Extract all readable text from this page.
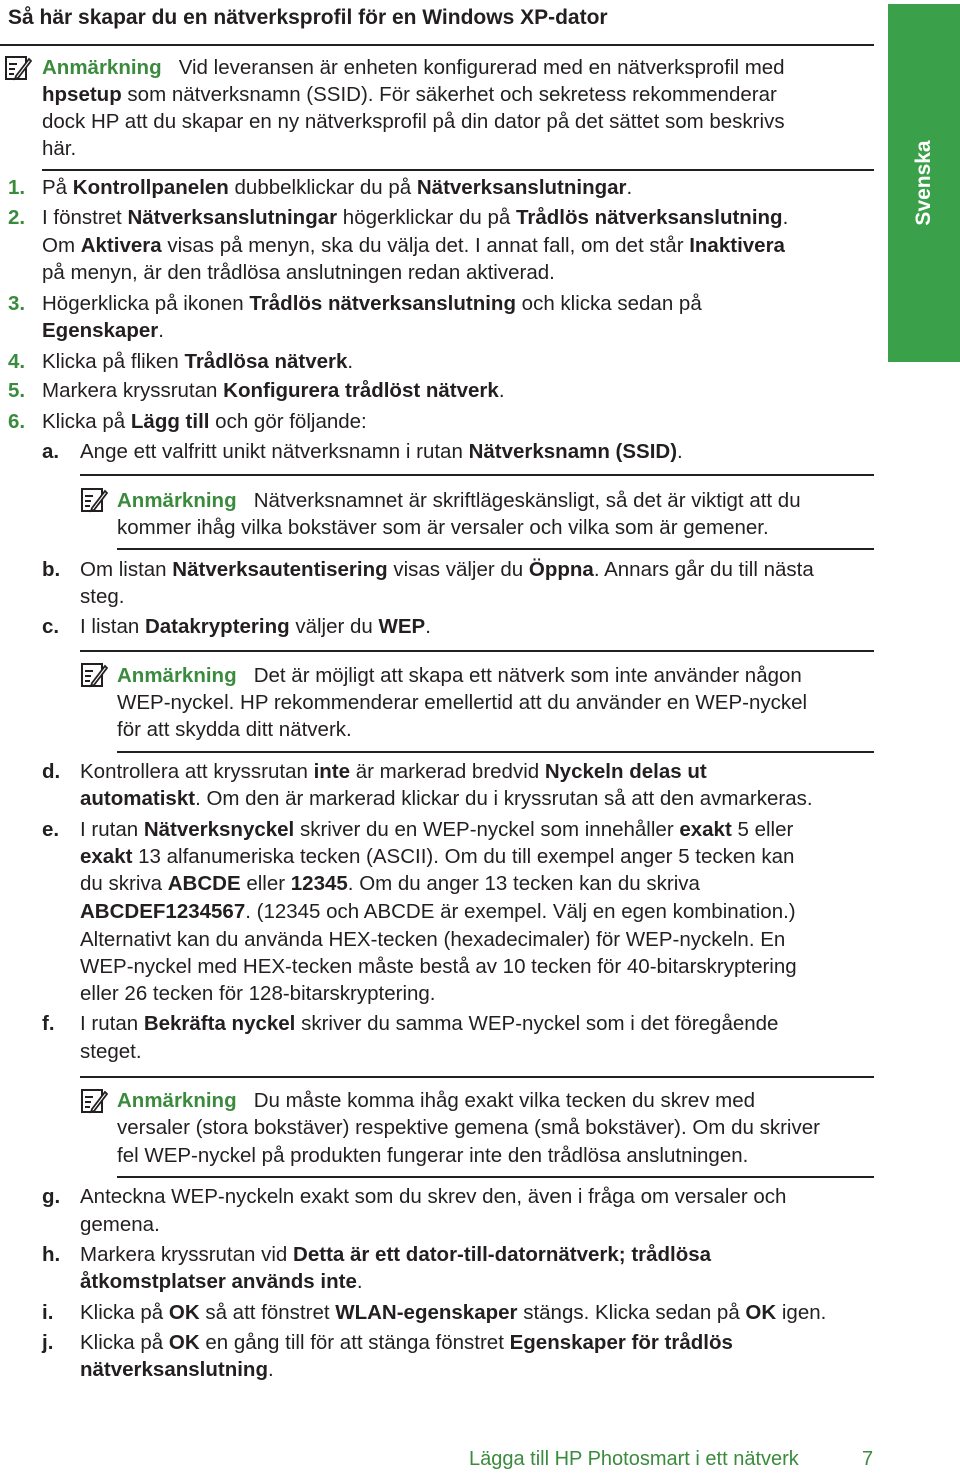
Så här skapar du en nätverksprofil för en Windows XP-dator
Svenska
Anmärkning Vid leveransen är enheten konfigurerad med en nätverksprofil med
hpsetup som nätverksnamn (SSID). För säkerhet och sekretess rekommenderar
dock HP att du skapar en ny nätverksprofil på din dator på det sättet som beskrivs
här.
1. På Kontrollpanelen dubbelklickar du på Nätverksanslutningar.
2. I fönstret Nätverksanslutningar högerklickar du på Trådlös nätverksanslutning.
Om Aktivera visas på menyn, ska du välja det. I annat fall, om det står Inaktivera
på menyn, är den trådlösa anslutningen redan aktiverad.
3. Högerklicka på ikonen Trådlös nätverksanslutning och klicka sedan på
Egenskaper.
4. Klicka på fliken Trådlösa nätverk.
5. Markera kryssrutan Konfigurera trådlöst nätverk.
6. Klicka på Lägg till och gör följande:
a. Ange ett valfritt unikt nätverksnamn i rutan Nätverksnamn (SSID).
Anmärkning Nätverksnamnet är skriftlägeskänsligt, så det är viktigt att du
kommer ihåg vilka bokstäver som är versaler och vilka som är gemener.
b. Om listan Nätverksautentisering visas väljer du Öppna. Annars går du till nästa
steg.
c. I listan Datakryptering väljer du WEP.
Anmärkning Det är möjligt att skapa ett nätverk som inte använder någon
WEP-nyckel. HP rekommenderar emellertid att du använder en WEP-nyckel
för att skydda ditt nätverk.
d. Kontrollera att kryssrutan inte är markerad bredvid Nyckeln delas ut
automatiskt. Om den är markerad klickar du i kryssrutan så att den avmarkeras.
e. I rutan Nätverksnyckel skriver du en WEP-nyckel som innehåller exakt 5 eller
exakt 13 alfanumeriska tecken (ASCII). Om du till exempel anger 5 tecken kan
du skriva ABCDE eller 12345. Om du anger 13 tecken kan du skriva
ABCDEF1234567. (12345 och ABCDE är exempel. Välj en egen kombination.)
Alternativt kan du använda HEX-tecken (hexadecimaler) för WEP-nyckeln. En
WEP-nyckel med HEX-tecken måste bestå av 10 tecken för 40-bitarskryptering
eller 26 tecken för 128-bitarskryptering.
f. I rutan Bekräfta nyckel skriver du samma WEP-nyckel som i det föregående
steget.
Anmärkning Du måste komma ihåg exakt vilka tecken du skrev med
versaler (stora bokstäver) respektive gemena (små bokstäver). Om du skriver
fel WEP-nyckel på produkten fungerar inte den trådlösa anslutningen.
g. Anteckna WEP-nyckeln exakt som du skrev den, även i fråga om versaler och
gemena.
h. Markera kryssrutan vid Detta är ett dator-till-datornätverk; trådlösa
åtkomstplatser används inte.
i. Klicka på OK så att fönstret WLAN-egenskaper stängs. Klicka sedan på OK igen.
j. Klicka på OK en gång till för att stänga fönstret Egenskaper för trådlös
nätverksanslutning.
Lägga till HP Photosmart i ett nätverk	7
